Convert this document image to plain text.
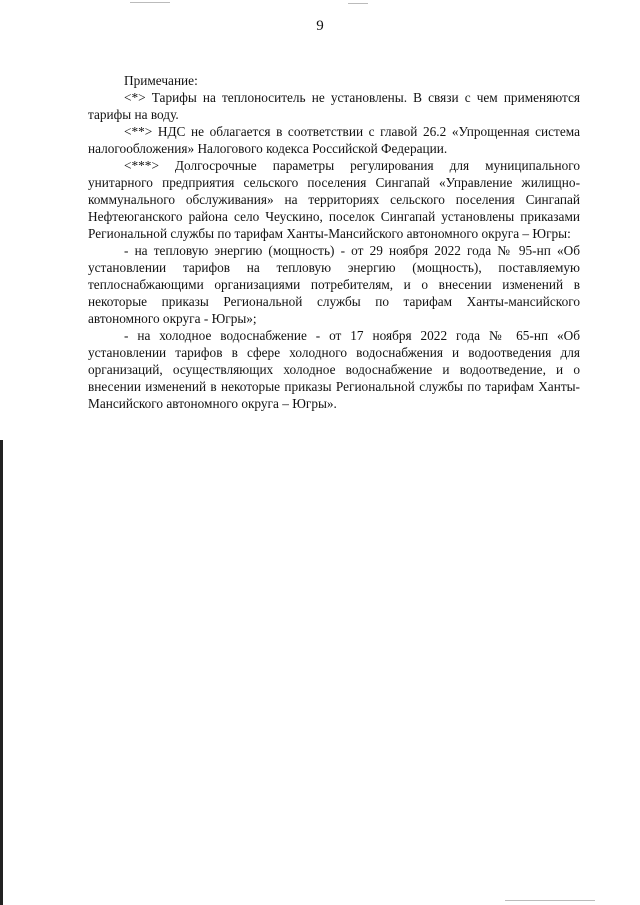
9

Примечание:

<*> Тарифы на теплоноситель не установлены. В связи с чем применяются тарифы на воду.

<**> НДС не облагается в соответствии с главой 26.2 «Упрощенная система налогообложения» Налогового кодекса Российской Федерации.

<***> Долгосрочные параметры регулирования для муниципального унитарного предприятия сельского поселения Сингапай «Управление жилищно-коммунального обслуживания» на территориях сельского поселения Сингапай Нефтеюганского района село Чеускино, поселок Сингапай установлены приказами Региональной службы по тарифам Ханты-Мансийского автономного округа – Югры:

- на тепловую энергию (мощность) - от 29 ноября 2022 года № 95-нп «Об установлении тарифов на тепловую энергию (мощность), поставляемую теплоснабжающими организациями потребителям, и о внесении изменений в некоторые приказы Региональной службы по тарифам Ханты-мансийского автономного округа - Югры»;

- на холодное водоснабжение - от 17 ноября 2022 года № 65-нп «Об установлении тарифов в сфере холодного водоснабжения и водоотведения для организаций, осуществляющих холодное водоснабжение и водоотведение, и о внесении изменений в некоторые приказы Региональной службы по тарифам Ханты-Мансийского автономного округа – Югры».
